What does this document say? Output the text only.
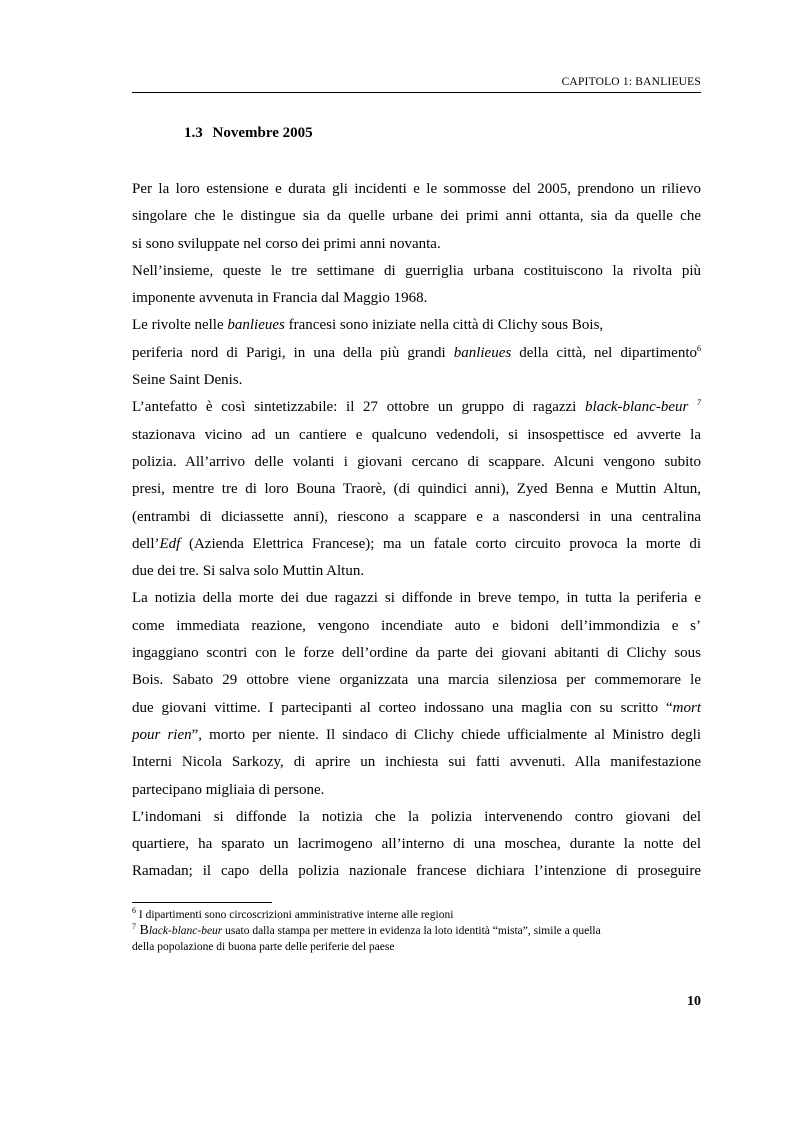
CAPITOLO 1: BANLIEUES
1.3 Novembre 2005
Per la loro estensione e durata gli incidenti e le sommosse del 2005, prendono un rilievo
singolare che le distingue sia da quelle urbane dei primi anni ottanta, sia da quelle che
si sono sviluppate nel corso dei primi anni novanta.
Nell’insieme, queste le tre settimane di guerriglia urbana costituiscono la rivolta più
imponente avvenuta in Francia dal Maggio 1968.
Le rivolte nelle banlieues francesi sono iniziate nella città di Clichy sous Bois,
periferia nord di Parigi, in una della più grandi banlieues della città, nel dipartimento$^6$
Seine Saint Denis.
L’antefatto è così sintetizzabile: il 27 ottobre un gruppo di ragazzi black-blanc-beur $^7$
stazionava vicino ad un cantiere e qualcuno vedendoli, si insospettisce ed avverte la
polizia. All’arrivo delle volanti i giovani cercano di scappare. Alcuni vengono subito
presi, mentre tre di loro Bouna Traorè, (di quindici anni), Zyed Benna e Muttin Altun,
(entrambi di diciassette anni), riescono a scappare e a nascondersi in una centralina
dell’Edf (Azienda Elettrica Francese); ma un fatale corto circuito provoca la morte di
due dei tre. Si salva solo Muttin Altun.
La notizia della morte dei due ragazzi si diffonde in breve tempo, in tutta la periferia e
come immediata reazione, vengono incendiate auto e bidoni dell’immondizia e s’
ingaggiano scontri con le forze dell’ordine da parte dei giovani abitanti di Clichy sous
Bois. Sabato 29 ottobre viene organizzata una marcia silenziosa per commemorare le
due giovani vittime. I partecipanti al corteo indossano una maglia con su scritto “mort
pour rien”, morto per niente. Il sindaco di Clichy chiede ufficialmente al Ministro degli
Interni Nicola Sarkozy, di aprire un inchiesta sui fatti avvenuti. Alla manifestazione
partecipano migliaia di persone.
L’indomani si diffonde la notizia che la polizia intervenendo contro giovani del
quartiere, ha sparato un lacrimogeno all’interno di una moschea, durante la notte del
Ramadan; il capo della polizia nazionale francese dichiara l’intenzione di proseguire
$^6$ I dipartimenti sono circoscrizioni amministrative interne alle regioni
$^7$ Black-blanc-beur usato dalla stampa per mettere in evidenza la loto identità “mista”, simile a quella
della popolazione di buona parte delle periferie del paese
10
